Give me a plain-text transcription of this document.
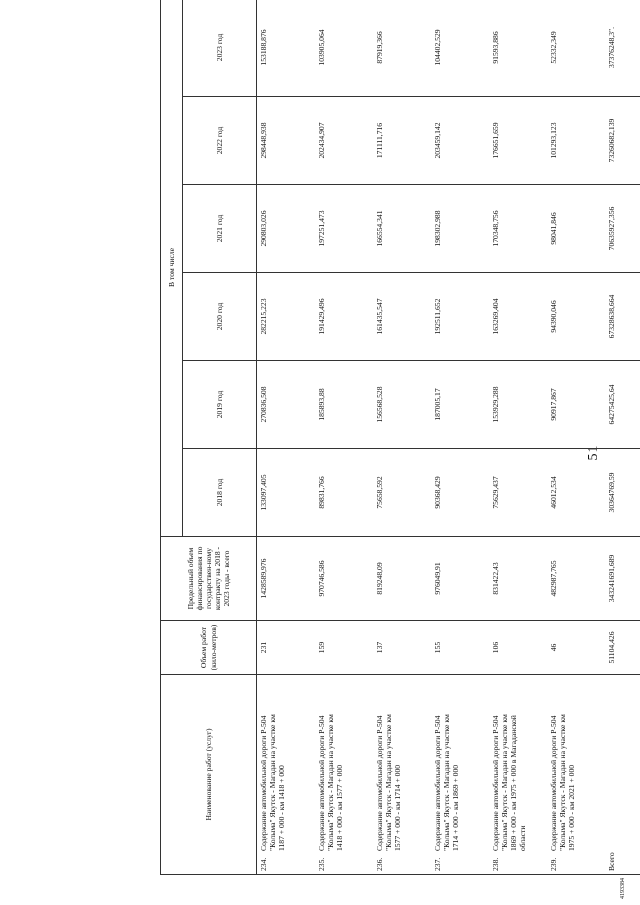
51
4193384
Наименование работ (услуг)	Объем работ (кило-метров)	Предельный объем финансирования по государствен-ному контракту на 2018 - 2023 годы - всего	В том числе					
			2018 год	2019 год	2020 год	2021 год	2022 год	2023 год
234.Содержание автомобильной дороги Р-504 "Колыма" Якутск - Магадан на участке км 1187 + 000 - км 1418 + 000	231	1428589,976	133097,405	270836,508	282215,223	290803,026	298448,938	153188,876
235.Содержание автомобильной дороги Р-504 "Колыма" Якутск - Магадан на участке км 1418 + 000 - км 1577 + 000	159	970746,586	89831,766	185893,88	191429,496	197251,473	202434,907	103905,064
236.Содержание автомобильной дороги Р-504 "Колыма" Якутск - Магадан на участке км 1577 + 000 - км 1714 + 000	137	819248,09	75658,592	156568,528	161435,547	166554,341	171111,716	87919,366
237.Содержание автомобильной дороги Р-504 "Колыма" Якутск - Магадан на участке км 1714 + 000 - км 1869 + 000	155	976049,91	90368,429	187005,17	192511,652	198302,988	203459,142	104402,529
238.Содержание автомобильной дороги Р-504 "Колыма" Якутск - Магадан на участке км 1869 + 000 - км 1975 + 000 в Магаданской области	106	831422,43	75629,437	153929,288	163269,404	170348,756	176651,659	91593,886
239.Содержание автомобильной дороги Р-504 "Колыма" Якутск - Магадан на участке км 1975 + 000 - км 2021 + 000	46	482987,765	46012,534	90917,867	94390,046	98041,846	101293,123	52332,349
Всего	51104,426	343241691,689	30364769,59	64275425,64	67328638,664	70635927,356	73260682,139	37376248,3".
